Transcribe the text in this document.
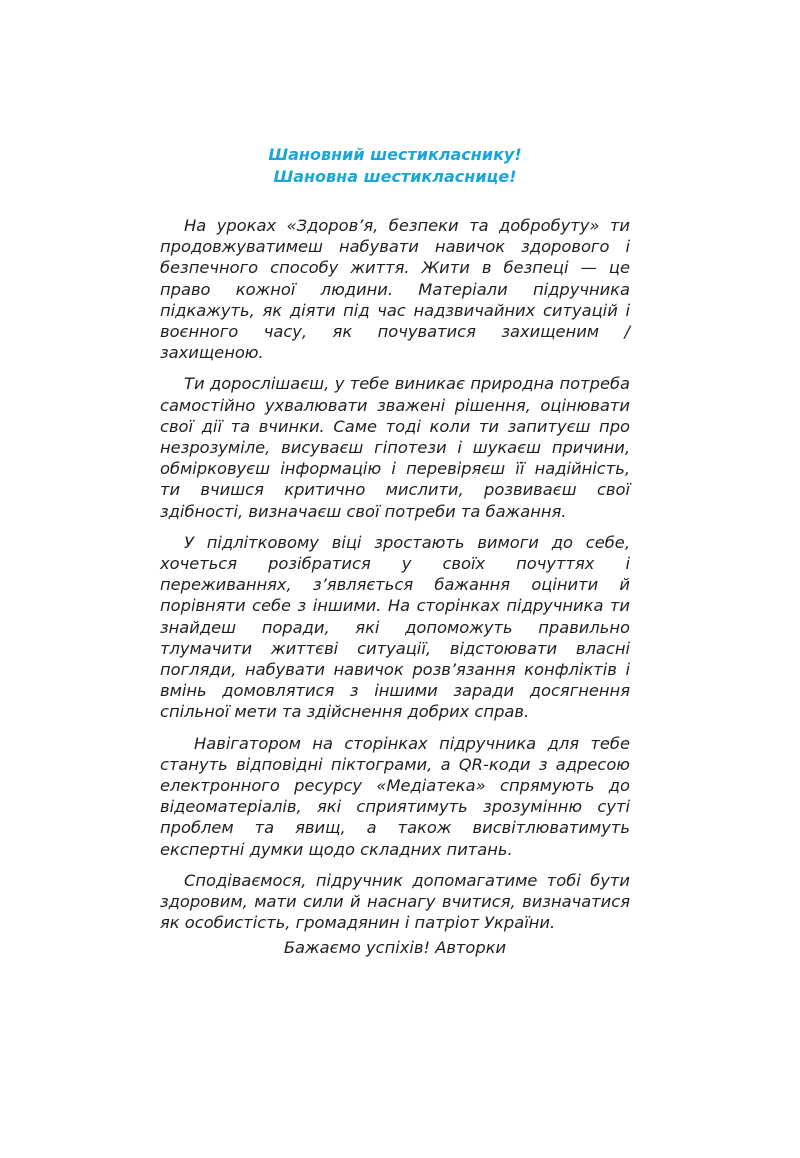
Шановний шестикласнику!
Шановна шестикласнице!

На уроках «Здоров’я, безпеки та добробуту» ти продовжуватимеш набувати навичок здорового і безпечного способу життя. Жити в безпеці — це право кожної людини. Матеріали підручника підкажуть, як діяти під час надзвичайних ситуацій і воєнного часу, як почуватися захищеним /захищеною.

Ти дорослішаєш, у тебе виникає природна потреба самостійно ухвалювати зважені рішення, оцінювати свої дії та вчинки. Саме тоді коли ти запитуєш про незрозуміле, висуваєш гіпотези і шукаєш причини, обмірковуєш інформацію і перевіряєш її надійність, ти вчишся критично мислити, розвиваєш свої здібності, визначаєш свої потреби та бажання.

У підлітковому віці зростають вимоги до себе, хочеться розібратися у своїх почуттях і переживаннях, з’являється бажання оцінити й порівняти себе з іншими. На сторінках підручника ти знайдеш поради, які допоможуть правильно тлумачити життєві ситуації, відстоювати власні погляди, набувати навичок розв’язання конфліктів і вмінь домовлятися з іншими заради досягнення спільної мети та здійснення добрих справ.

Навігатором на сторінках підручника для тебе стануть відповідні піктограми, а QR-коди з адресою електронного ресурсу «Медіатека» спрямують до відеоматеріалів, які сприятимуть зрозумінню суті проблем та явищ, а також висвітлюватимуть експертні думки щодо складних питань.

Сподіваємося, підручник допомагатиме тобі бути здоровим, мати сили й наснагу вчитися, визначатися як особистість, громадянин і патріот України.

Бажаємо успіхів! Авторки
